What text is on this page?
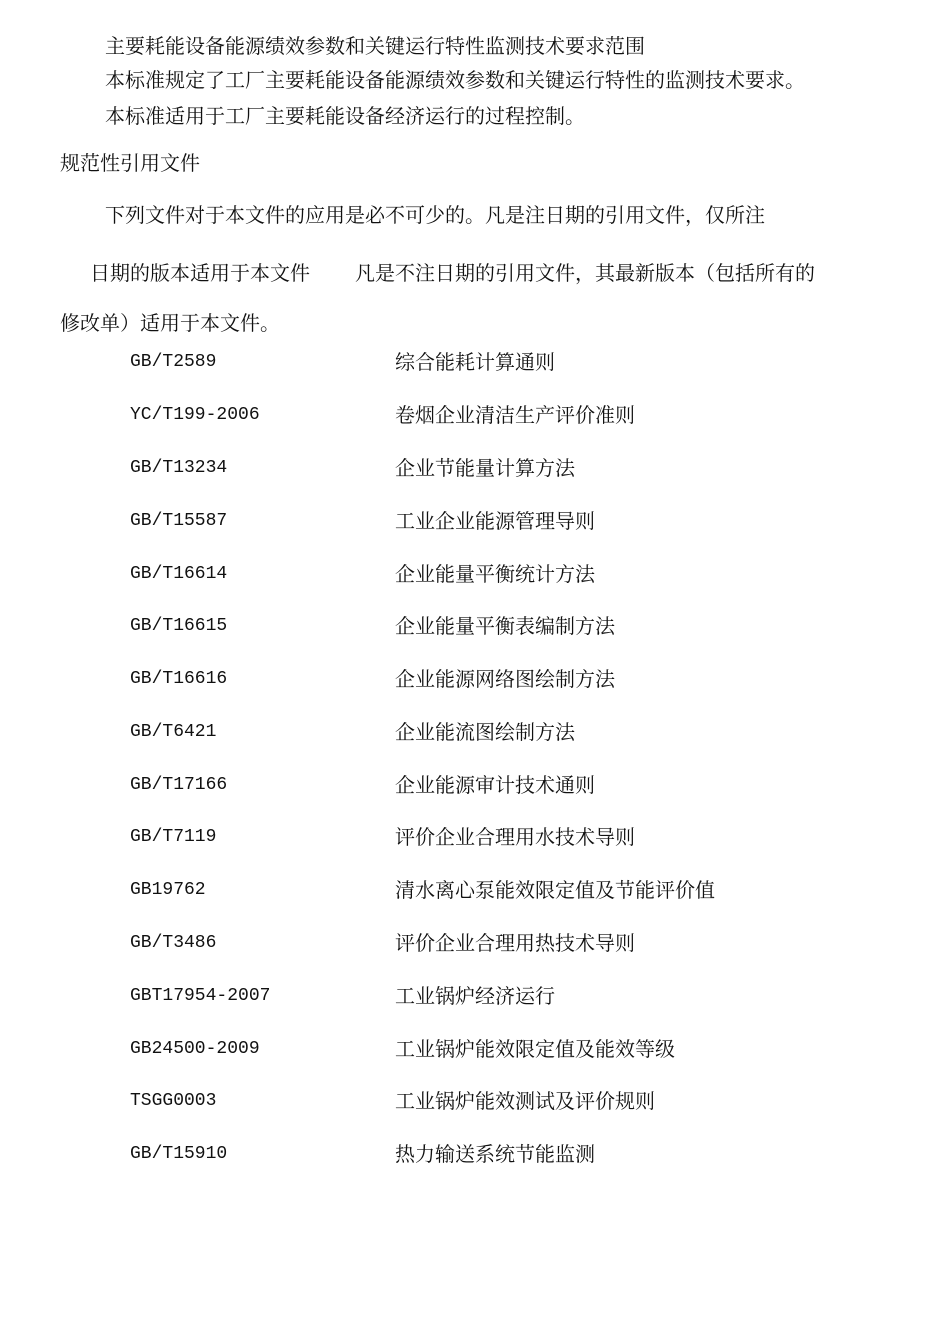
主要耗能设备能源绩效参数和关键运行特性监测技术要求范围
本标准规定了工厂主要耗能设备能源绩效参数和关键运行特性的监测技术要求。
本标准适用于工厂主要耗能设备经济运行的过程控制。
规范性引用文件
下列文件对于本文件的应用是必不可少的。凡是注日期的引用文件，仅所注
日期的版本适用于本文件 凡是不注日期的引用文件，其最新版本（包括所有的
修改单）适用于本文件。
GB/T2589	综合能耗计算通则
YC/T199-2006	卷烟企业清洁生产评价准则
GB/T13234	企业节能量计算方法
GB/T15587	工业企业能源管理导则
GB/T16614	企业能量平衡统计方法
GB/T16615	企业能量平衡表编制方法
GB/T16616	企业能源网络图绘制方法
GB/T6421	企业能流图绘制方法
GB/T17166	企业能源审计技术通则
GB/T7119	评价企业合理用水技术导则
GB19762	清水离心泵能效限定值及节能评价值
GB/T3486	评价企业合理用热技术导则
GBT17954-2007	工业锅炉经济运行
GB24500-2009	工业锅炉能效限定值及能效等级
TSGG0003	工业锅炉能效测试及评价规则
GB/T15910	热力输送系统节能监测
